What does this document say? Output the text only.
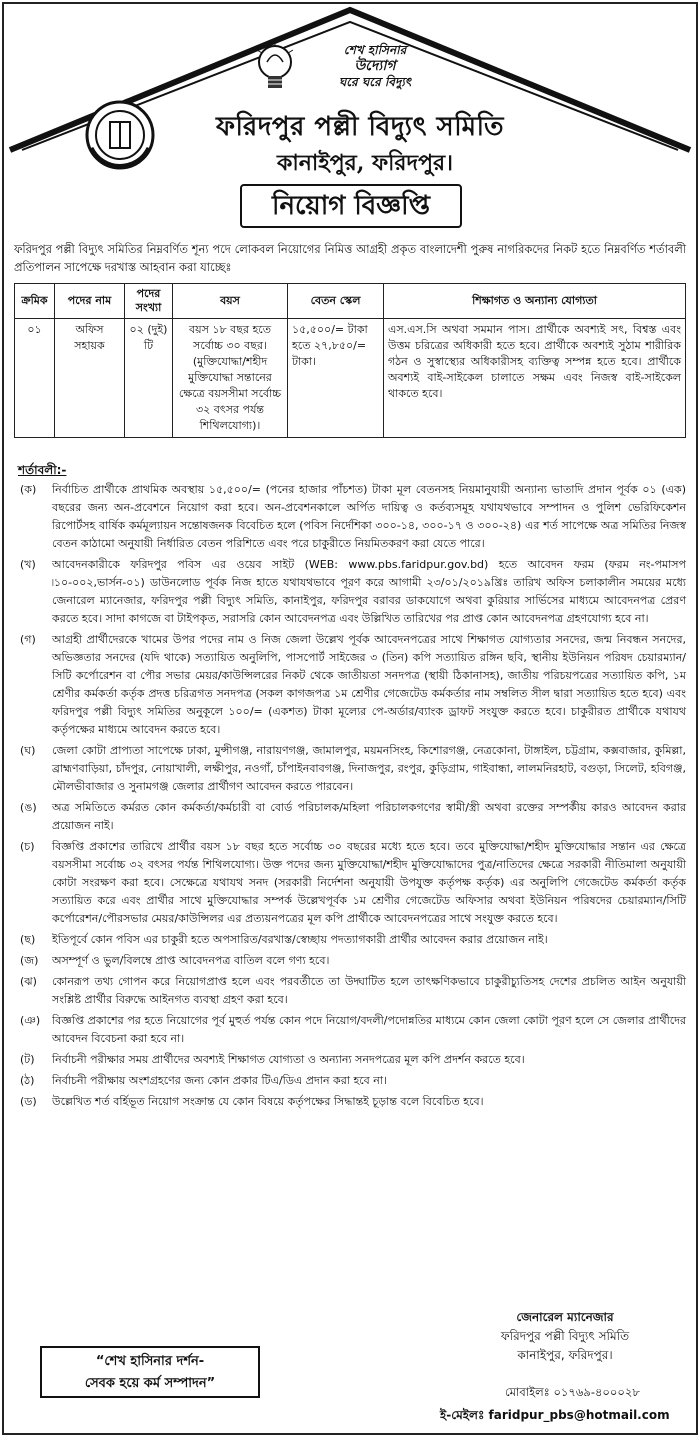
শেখ হাসিনার
উদ্যোগ
ঘরে ঘরে বিদ্যুৎ
ফরিদপুর পল্লী বিদ্যুৎ সমিতি
কানাইপুর, ফরিদপুর।
নিয়োগ বিজ্ঞপ্তি

ফরিদপুর পল্লী বিদ্যুৎ সমিতির নিম্নবর্ণিত শূন্য পদে লোকবল নিয়োগের নিমিত্ত আগ্রহী প্রকৃত বাংলাদেশী পুরুষ নাগরিকদের নিকট হতে নিম্নবর্ণিত শর্তাবলী প্রতিপালন সাপেক্ষে দরখাস্ত আহবান করা যাচ্ছেঃ

ক্রমিক	পদের নাম	পদের সংখ্যা	বয়স	বেতন স্কেল	শিক্ষাগত ও অন্যান্য যোগ্যতা
০১	অফিস সহায়ক	০২ (দুই) টি	বয়স ১৮ বছর হতে সর্বোচ্চ ৩০ বছর। (মুক্তিযোদ্ধা/শহীদ মুক্তিযোদ্ধা সন্তানের ক্ষেত্রে বয়সসীমা সর্বোচ্চ ৩২ বৎসর পর্যন্ত শিথিলযোগ্য)।	১৫,৫০০/= টাকা হতে ২৭,৮৫০/= টাকা।	এস.এস.সি অথবা সমমান পাস। প্রার্থীকে অবশ্যই সৎ, বিশ্বস্ত এবং উত্তম চরিত্রের অধিকারী হতে হবে। প্রার্থীকে অবশ্যই সুঠাম শারীরিক গঠন ও সুস্বাস্থ্যের অধিকারীসহ ব্যক্তিত্ব সম্পন্ন হতে হবে। প্রার্থীকে অবশ্যই বাই-সাইকেল চালাতে সক্ষম এবং নিজস্ব বাই-সাইকেল থাকতে হবে।
শর্তাবলী:-
(ক) নির্বাচিত প্রার্থীকে প্রাথমিক অবস্থায় ১৫,৫০০/= (পনের হাজার পাঁচশত) টাকা মূল বেতনসহ নিয়মানুযায়ী অন্যান্য ভাতাদি প্রদান পূর্বক ০১ (এক) বছরের জন্য অন-প্রবেশনে নিয়োগ করা হবে। অন-প্রবেশনকালে অর্পিত দায়িত্ব ও কর্তব্যসমূহ যথাযথভাবে সম্পাদন ও পুলিশ ভেরিফিকেশন রিপোর্টসহ বার্ষিক কর্মমূল্যায়ন সন্তোষজনক বিবেচিত হলে (পবিস নির্দেশিকা ৩০০-১৪, ৩০০-১৭ ও ৩০০-২৪) এর শর্ত সাপেক্ষে অত্র সমিতির নিজস্ব বেতন কাঠামো অনুযায়ী নির্ধারিত বেতন পরিশিতে এবং পরে চাকুরীতে নিয়মিতকরণ করা যেতে পারে।
(খ) আবেদনকারীকে ফরিদপুর পবিস এর ওয়েব সাইট (WEB: www.pbs.faridpur.gov.bd) হতে আবেদন ফরম (ফরম নং-পমাসপ ৷১০-০০২,ভার্সন-০১) ডাউনলোড পূর্বক নিজ হাতে যথাযথভাবে পূরণ করে আগামী ২৩/০১/২০১৯খ্রিঃ তারিখ অফিস চলাকালীন সময়ের মধ্যে জেনারেল ম্যানেজার, ফরিদপুর পল্লী বিদ্যুৎ সমিতি, কানাইপুর, ফরিদপুর বরাবর ডাকযোগে অথবা কুরিয়ার সার্ভিসের মাধ্যমে আবেদনপত্র প্রেরণ করতে হবে। সাদা কাগজে বা টাইপকৃত, সরাসরি কোন আবেদনপত্র এবং উল্লিখিত তারিখের পর প্রাপ্ত কোন আবেদনপত্র গ্রহণযোগ্য হবে না।
(গ) আগ্রহী প্রার্থীদেরকে খামের উপর পদের নাম ও নিজ জেলা উল্লেখ পূর্বক আবেদনপত্রের সাথে শিক্ষাগত যোগ্যতার সনদের, জন্ম নিবন্ধন সনদের, অভিজ্ঞতার সনদের (যদি থাকে) সত্যায়িত অনুলিপি, পাসপোর্ট সাইজের ৩ (তিন) কপি সত্যায়িত রঙ্গিন ছবি, স্থানীয় ইউনিয়ন পরিষদ চেয়ারম্যান/সিটি কর্পোরেশন বা পৌর সভার মেয়র/কাউন্সিলরের নিকট থেকে জাতীয়তা সনদপত্র (স্থায়ী ঠিকানাসহ), জাতীয় পরিচয়পত্রের সত্যায়িত কপি, ১ম শ্রেণীর কর্মকর্তা কর্তৃক প্রদত্ত চরিত্রগত সনদপত্র (সকল কাগজপত্র ১ম শ্রেণীর গেজেটেড কর্মকর্তার নাম সম্বলিত সীল দ্বারা সত্যায়িত হতে হবে) এবং ফরিদপুর পল্লী বিদ্যুৎ সমিতির অনুকূলে ১০০/= (একশত) টাকা মূল্যের পে-অর্ডার/ব্যাংক ড্রাফট সংযুক্ত করতে হবে। চাকুরীরত প্রার্থীকে যথাযথ কর্তৃপক্ষের মাধ্যমে আবেদন করতে হবে।
(ঘ) জেলা কোটা প্রাপ্যতা সাপেক্ষে ঢাকা, মুন্সীগঞ্জ, নারায়ণগঞ্জ, জামালপুর, ময়মনসিংহ, কিশোরগঞ্জ, নেত্রকোনা, টাঙ্গাইল, চট্টগ্রাম, কক্সবাজার, কুমিল্লা, ব্রাহ্মণবাড়িয়া, চাঁদপুর, নোয়াখালী, লক্ষীপুর, নওগাঁ, চাঁপাইনবাবগঞ্জ, দিনাজপুর, রংপুর, কুড়িগ্রাম, গাইবান্ধা, লালমনিরহাট, বগুড়া, সিলেট, হবিগঞ্জ, মৌলভীবাজার ও সুনামগঞ্জ জেলার প্রার্থীগণ আবেদন করতে পারবেন।
(ঙ) অত্র সমিতিতে কর্মরত কোন কর্মকর্তা/কর্মচারী বা বোর্ড পরিচালক/মহিলা পরিচালকগণের স্বামী/স্ত্রী অথবা রক্তের সম্পর্কীয় কারও আবেদন করার প্রয়োজন নাই।
(চ) বিজ্ঞপ্তি প্রকাশের তারিখে প্রার্থীর বয়স ১৮ বছর হতে সর্বোচ্চ ৩০ বছরের মধ্যে হতে হবে। তবে মুক্তিযোদ্ধা/শহীদ মুক্তিযোদ্ধার সন্তান এর ক্ষেত্রে বয়সসীমা সর্বোচ্চ ৩২ বৎসর পর্যন্ত শিথিলযোগ্য। উক্ত পদের জন্য মুক্তিযোদ্ধা/শহীদ মুক্তিযোদ্ধাদের পুত্র/নাতিদের ক্ষেত্রে সরকারী নীতিমালা অনুযায়ী কোটা সংরক্ষণ করা হবে। সেক্ষেত্রে যথাযথ সনদ (সরকারী নির্দেশনা অনুযায়ী উপযুক্ত কর্তৃপক্ষ কর্তৃক) এর অনুলিপি গেজেটেড কর্মকর্তা কর্তৃক সত্যায়িত করে এবং প্রার্থীর সাথে মুক্তিযোদ্ধার সম্পর্ক উল্লেখপূর্বক ১ম শ্রেণীর গেজেটেড অফিসার অথবা ইউনিয়ন পরিষদের চেয়ারম্যান/সিটি কর্পোরেশন/পৌরসভার মেয়র/কাউন্সিলর এর প্রত্যয়নপত্রের মূল কপি প্রার্থীকে আবেদনপত্রের সাথে সংযুক্ত করতে হবে।
(ছ) ইতিপূর্বে কোন পবিস এর চাকুরী হতে অপসারিত/বরখাস্ত/স্বেচ্ছায় পদত্যাগকারী প্রার্থীর আবেদন করার প্রয়োজন নাই।
(জ) অসম্পূর্ণ ও ভুল/বিলম্বে প্রাপ্ত আবেদনপত্র বাতিল বলে গণ্য হবে।
(ঝ) কোনরূপ তথ্য গোপন করে নিয়োগপ্রাপ্ত হলে এবং পরবর্তীতে তা উদ্ঘাটিত হলে তাৎক্ষণিকভাবে চাকুরীচ্যুতিসহ দেশের প্রচলিত আইন অনুযায়ী সংশ্লিষ্ট প্রার্থীর বিরুদ্ধে আইনগত ব্যবস্থা গ্রহণ করা হবে।
(ঞ) বিজ্ঞপ্তি প্রকাশের পর হতে নিয়োগের পূর্ব মুহুর্ত পর্যন্ত কোন পদে নিয়োগ/বদলী/পদোন্নতির মাধ্যমে কোন জেলা কোটা পূরণ হলে সে জেলার প্রার্থীদের আবেদন বিবেচনা করা হবে না।
(ট) নির্বাচনী পরীক্ষার সময় প্রার্থীদের অবশ্যই শিক্ষাগত যোগ্যতা ও অন্যান্য সনদপত্রের মূল কপি প্রদর্শন করতে হবে।
(ঠ) নির্বাচনী পরীক্ষায় অংশগ্রহণের জন্য কোন প্রকার টিএ/ডিএ প্রদান করা হবে না।
(ড) উল্লেখিত শর্ত বর্হিভূত নিয়োগ সংক্রান্ত যে কোন বিষয়ে কর্তৃপক্ষের সিদ্ধান্তই চূড়ান্ত বলে বিবেচিত হবে।
“শেখ হাসিনার দর্শন-
সেবক হয়ে কর্ম সম্পাদন”
জেনারেল ম্যানেজার
ফরিদপুর পল্লী বিদ্যুৎ সমিতি
কানাইপুর, ফরিদপুর।
মোবাইলঃ ০১৭৬৯-৪০০০২৮
ই-মেইলঃ faridpur_pbs@hotmail.com
